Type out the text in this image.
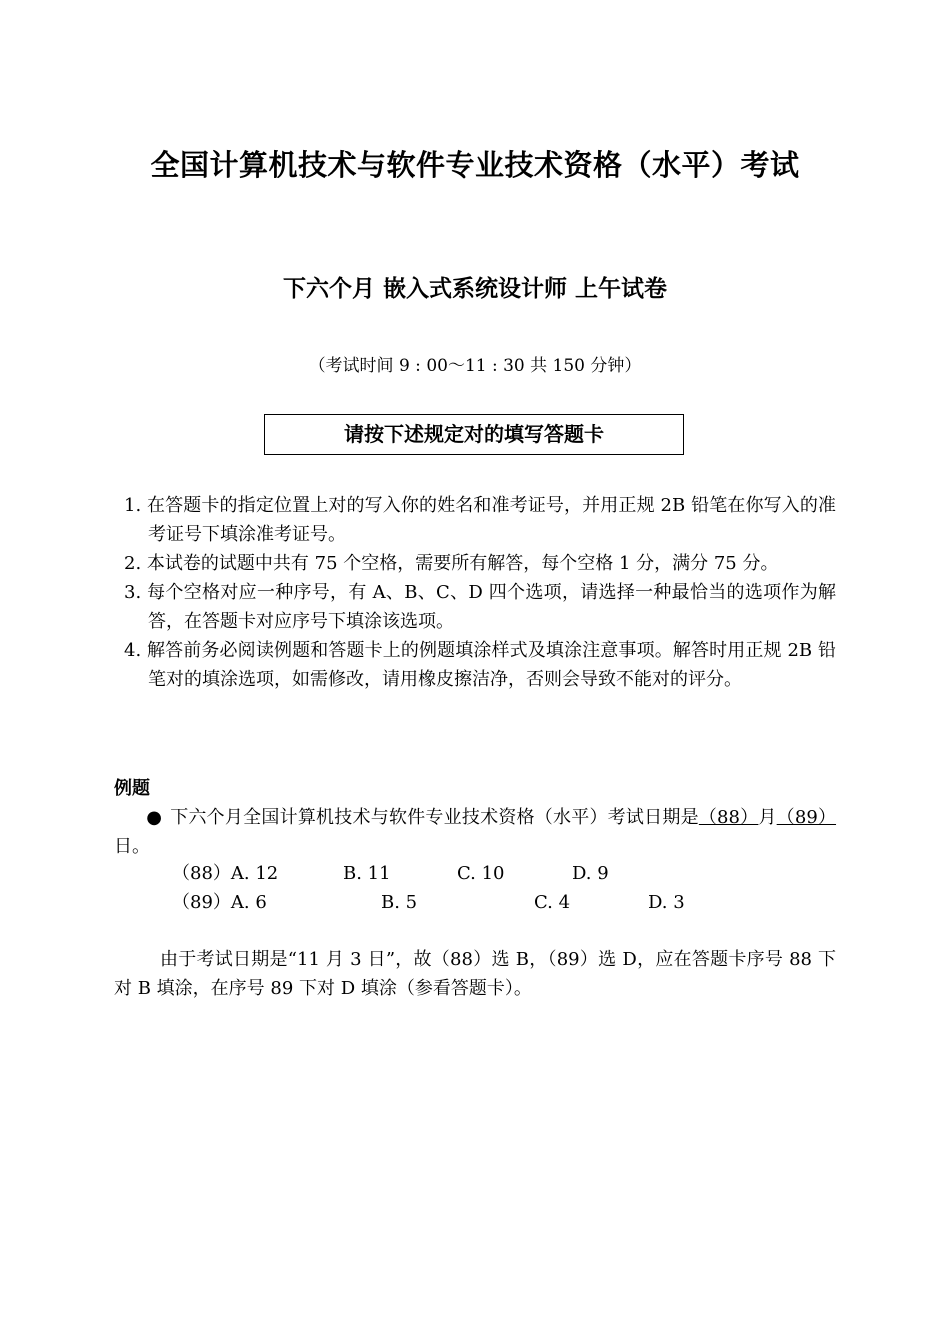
全国计算机技术与软件专业技术资格（水平）考试
下六个月 嵌入式系统设计师 上午试卷
（考试时间 9 : 00～11 : 30 共 150 分钟）
请按下述规定对的填写答题卡
1. 在答题卡的指定位置上对的写入你的姓名和准考证号，并用正规 2B 铅笔在你写入的准考证号下填涂准考证号。
2. 本试卷的试题中共有 75 个空格，需要所有解答，每个空格 1 分，满分 75 分。
3. 每个空格对应一种序号，有 A、B、C、D 四个选项，请选择一种最恰当的选项作为解答，在答题卡对应序号下填涂该选项。
4. 解答前务必阅读例题和答题卡上的例题填涂样式及填涂注意事项。解答时用正规 2B 铅笔对的填涂选项，如需修改，请用橡皮擦洁净，否则会导致不能对的评分。
例题
● 下六个月全国计算机技术与软件专业技术资格（水平）考试日期是（88）月（89）日。
（88）A. 12	B. 11	C. 10	D. 9
（89）A. 6	B. 5	C. 4	D. 3
由于考试日期是“11 月 3 日”，故（88）选 B，（89）选 D，应在答题卡序号 88 下对 B 填涂，在序号 89 下对 D 填涂（参看答题卡）。
